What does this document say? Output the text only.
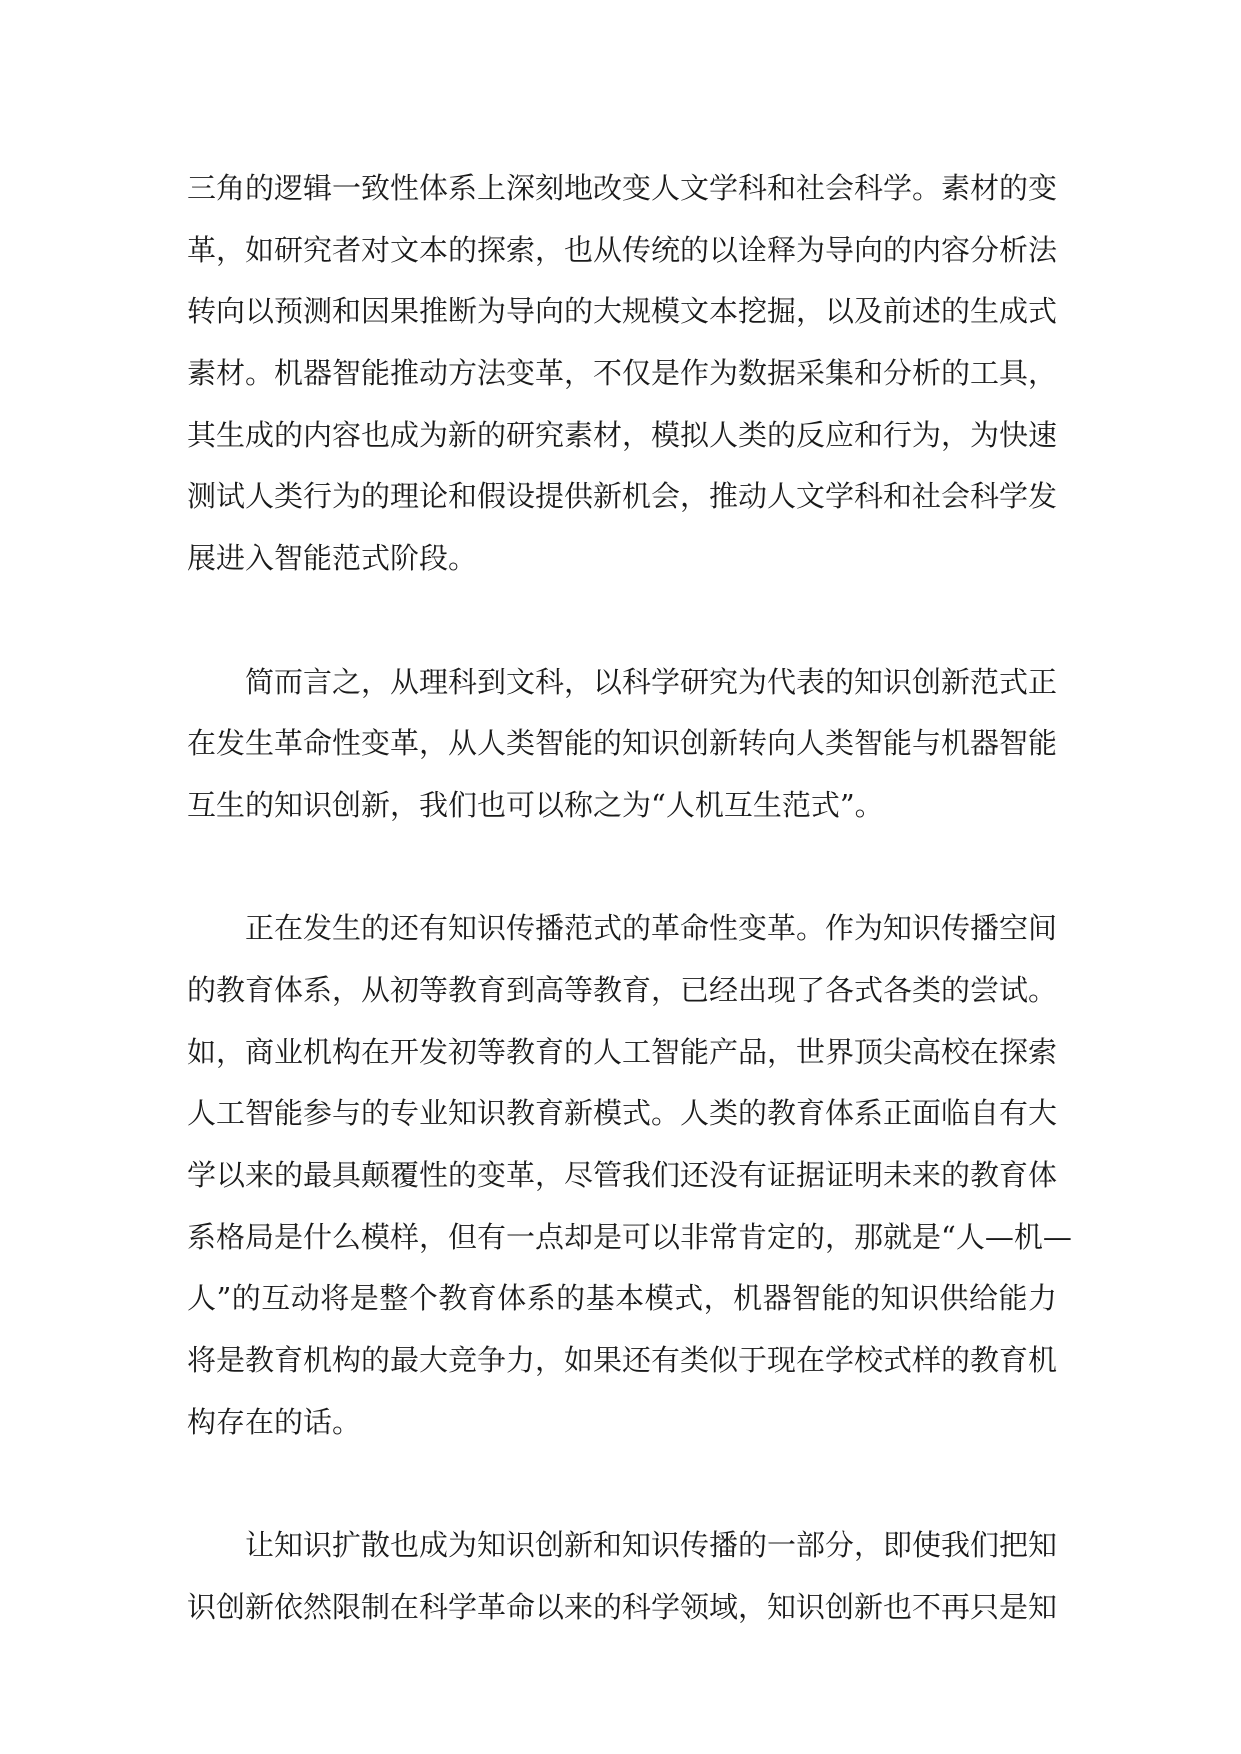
三角的逻辑一致性体系上深刻地改变人文学科和社会科学。素材的变
革，如研究者对文本的探索，也从传统的以诠释为导向的内容分析法
转向以预测和因果推断为导向的大规模文本挖掘，以及前述的生成式
素材。机器智能推动方法变革，不仅是作为数据采集和分析的工具，
其生成的内容也成为新的研究素材，模拟人类的反应和行为，为快速
测试人类行为的理论和假设提供新机会，推动人文学科和社会科学发
展进入智能范式阶段。
简而言之，从理科到文科，以科学研究为代表的知识创新范式正
在发生革命性变革，从人类智能的知识创新转向人类智能与机器智能
互生的知识创新，我们也可以称之为“人机互生范式”。
正在发生的还有知识传播范式的革命性变革。作为知识传播空间
的教育体系，从初等教育到高等教育，已经出现了各式各类的尝试。
如，商业机构在开发初等教育的人工智能产品，世界顶尖高校在探索
人工智能参与的专业知识教育新模式。人类的教育体系正面临自有大
学以来的最具颠覆性的变革，尽管我们还没有证据证明未来的教育体
系格局是什么模样，但有一点却是可以非常肯定的，那就是“人—机—
人”的互动将是整个教育体系的基本模式，机器智能的知识供给能力
将是教育机构的最大竞争力，如果还有类似于现在学校式样的教育机
构存在的话。
让知识扩散也成为知识创新和知识传播的一部分，即使我们把知
识创新依然限制在科学革命以来的科学领域，知识创新也不再只是知
